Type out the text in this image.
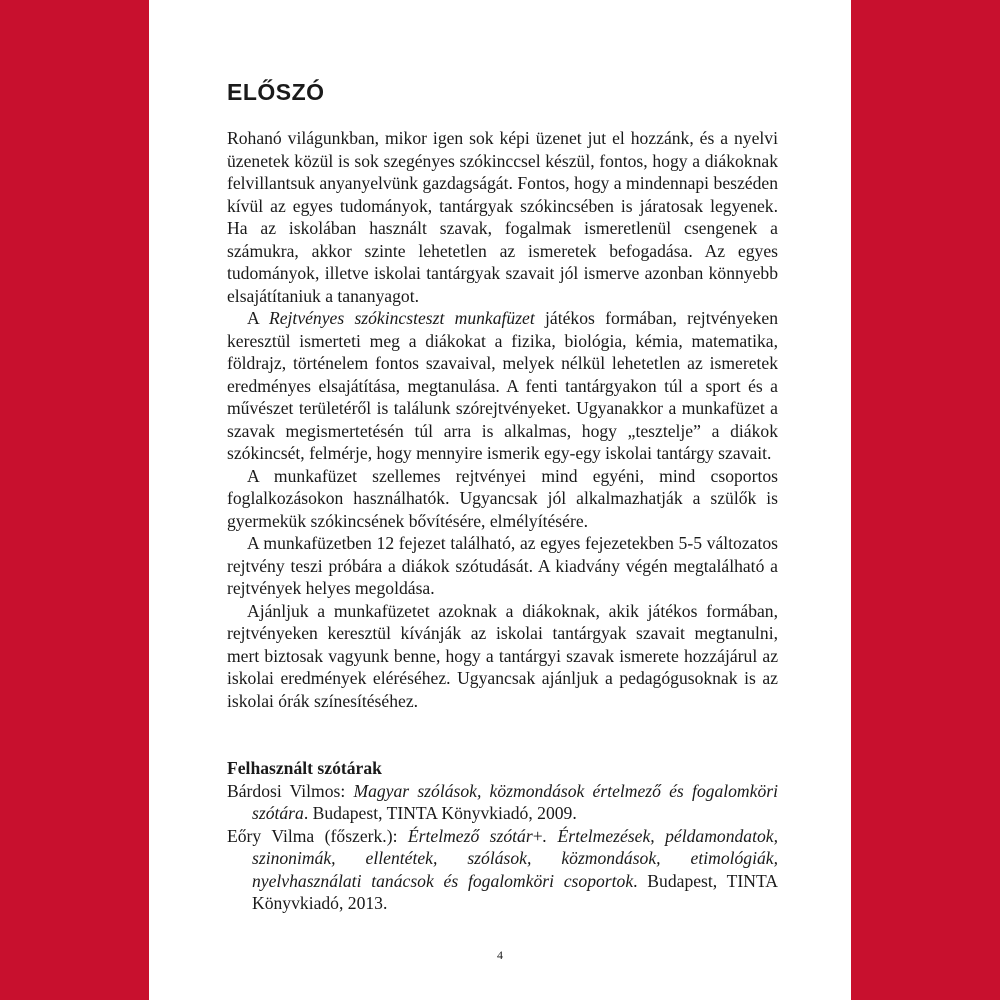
ELŐSZÓ

Rohanó világunkban, mikor igen sok képi üzenet jut el hozzánk, és a nyelvi üzenetek közül is sok szegényes szókinccsel készül, fontos, hogy a diákoknak felvillantsuk anyanyelvünk gazdagságát. Fontos, hogy a mindennapi beszéden kívül az egyes tudományok, tantárgyak szókincsében is járatosak legyenek. Ha az iskolában használt szavak, fogalmak ismeretlenül csengenek a számukra, akkor szinte lehetetlen az ismeretek befogadása. Az egyes tudományok, illetve iskolai tantárgyak szavait jól ismerve azonban könnyebb elsajátítaniuk a tananyagot.

A Rejtvényes szókincsteszt munkafüzet játékos formában, rejtvényeken keresztül ismerteti meg a diákokat a fizika, biológia, kémia, matematika, földrajz, történelem fontos szavaival, melyek nélkül lehetetlen az ismeretek eredményes elsajátítása, megtanulása. A fenti tantárgyakon túl a sport és a művészet területéről is találunk szórejtvényeket. Ugyanakkor a munkafüzet a szavak megismertetésén túl arra is alkalmas, hogy „tesztelje” a diákok szókincsét, felmérje, hogy mennyire ismerik egy-egy iskolai tantárgy szavait.

A munkafüzet szellemes rejtvényei mind egyéni, mind csoportos foglalkozásokon használhatók. Ugyancsak jól alkalmazhatják a szülők is gyermekük szókincsének bővítésére, elmélyítésére.

A munkafüzetben 12 fejezet található, az egyes fejezetekben 5-5 változatos rejtvény teszi próbára a diákok szótudását. A kiadvány végén megtalálható a rejtvények helyes megoldása.

Ajánljuk a munkafüzetet azoknak a diákoknak, akik játékos formában, rejtvényeken keresztül kívánják az iskolai tantárgyak szavait megtanulni, mert biztosak vagyunk benne, hogy a tantárgyi szavak ismerete hozzájárul az iskolai eredmények eléréséhez. Ugyancsak ajánljuk a pedagógusoknak is az iskolai órák színesítéséhez.

Felhasznált szótárak

Bárdosi Vilmos: Magyar szólások, közmondások értelmező és fogalomköri szótára. Budapest, TINTA Könyvkiadó, 2009.

Eőry Vilma (főszerk.): Értelmező szótár+. Értelmezések, példamondatok, szinonimák, ellentétek, szólások, közmondások, etimológiák, nyelvhasználati tanácsok és fogalomköri csoportok. Budapest, TINTA Könyvkiadó, 2013.

4
